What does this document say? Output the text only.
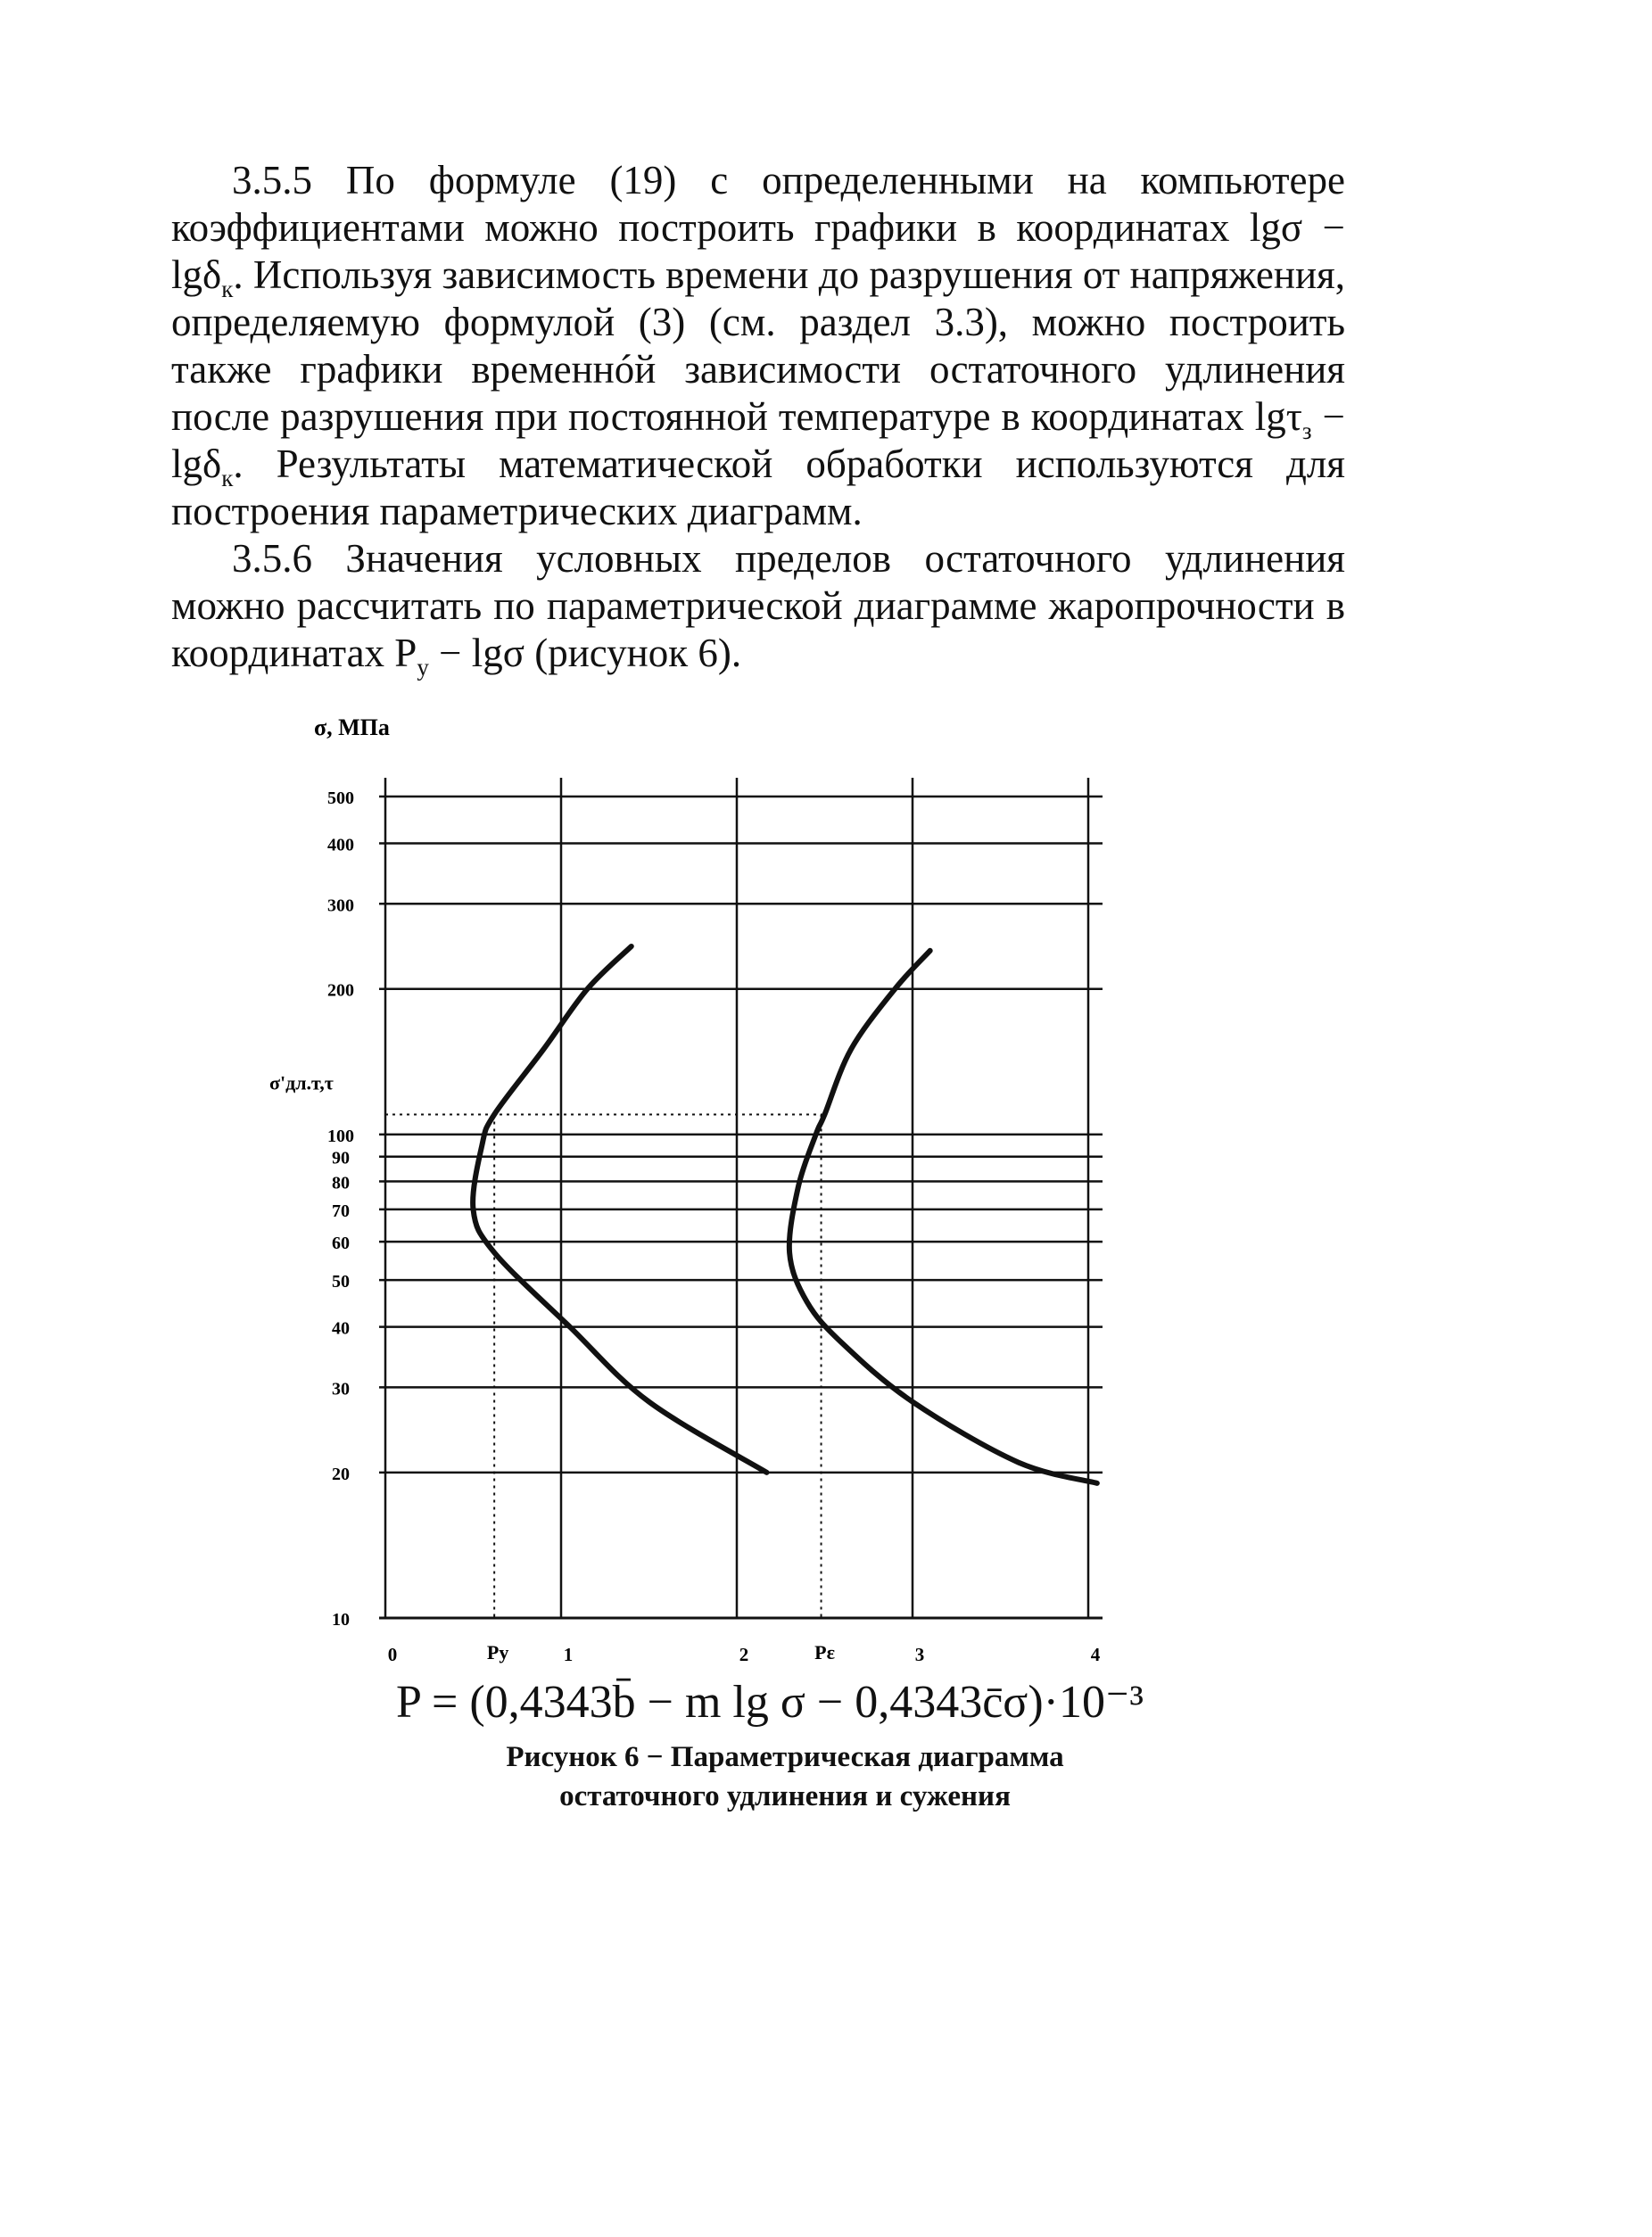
3.5.5 По формуле (19) с определенными на компьютере коэффициентами можно построить графики в координатах lgσ − lgδ$_к$. Используя зависимость времени до разрушения от напряжения, определяемую формулой (3) (см. раздел 3.3), можно построить также графики временнóй зависимости остаточного удлинения после разрушения при постоянной температуре в координатах lgτ$_з$ − lgδ$_к$. Результаты математической обработки используются для построения параметрических диаграмм.

3.5.6 Значения условных пределов остаточного удлинения можно рассчитать по параметрической диаграмме жаропрочности в координатах $P_у - \lg\sigma$ (рисунок 6).

10
20
30
40
50
60
70
80
90
100
200
300
400
500
0	1	2	3	4
σ, МПа
Py	Pε
σ'дл.т,τ
P = (0,4343b̄ − m lg σ − 0,4343c̄σ)·10⁻³
Рисунок 6 − Параметрическая диаграмма
остаточного удлинения и сужения
